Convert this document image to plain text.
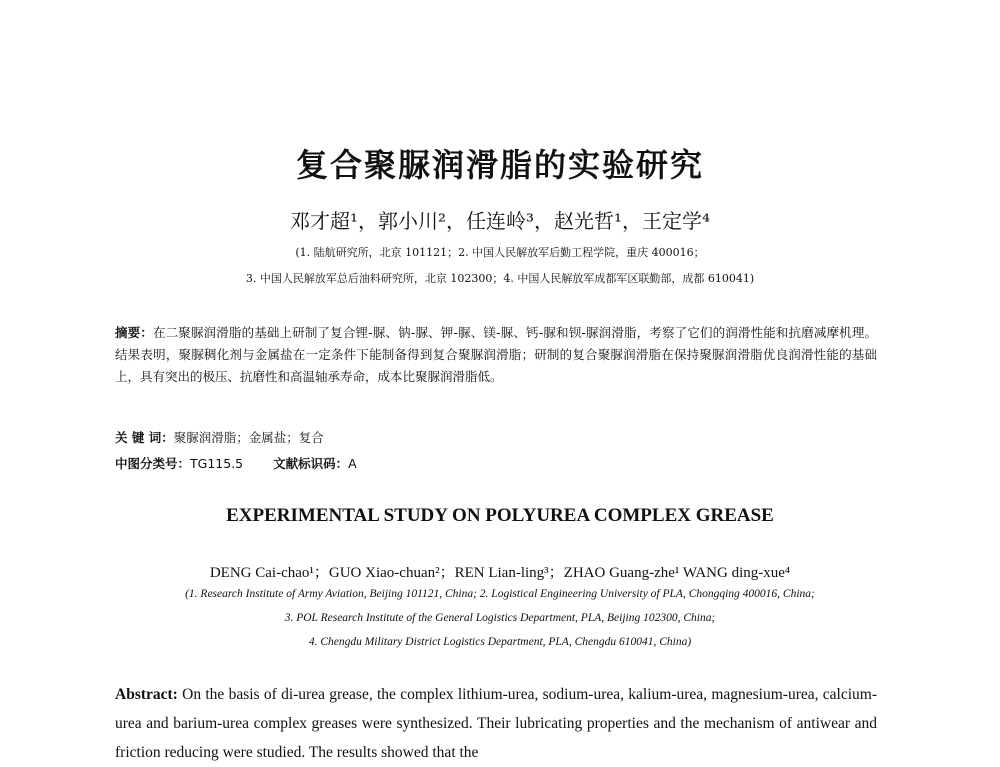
复合聚脲润滑脂的实验研究
邓才超¹，郭小川²，任连岭³，赵光哲¹，王定学⁴
(1. 陆航研究所，北京 101121；2. 中国人民解放军后勤工程学院，重庆 400016；
3. 中国人民解放军总后油料研究所，北京 102300；4. 中国人民解放军成都军区联勤部，成都 610041)
摘要：在二聚脲润滑脂的基础上研制了复合锂-脲、钠-脲、钾-脲、镁-脲、钙-脲和钡-脲润滑脂，考察了它们的润滑性能和抗磨减摩机理。结果表明，聚脲稠化剂与金属盐在一定条件下能制备得到复合聚脲润滑脂；研制的复合聚脲润滑脂在保持聚脲润滑脂优良润滑性能的基础上，具有突出的极压、抗磨性和高温轴承寿命，成本比聚脲润滑脂低。
关 键 词：聚脲润滑脂；金属盐；复合
中图分类号：TG115.5 文献标识码：A
EXPERIMENTAL STUDY ON POLYUREA COMPLEX GREASE
DENG Cai-chao¹；GUO Xiao-chuan²；REN Lian-ling³；ZHAO Guang-zhe¹ WANG ding-xue⁴
(1. Research Institute of Army Aviation, Beijing 101121, China; 2. Logistical Engineering University of PLA, Chongqing 400016, China;
3. POL Research Institute of the General Logistics Department, PLA, Beijing 102300, China;
4. Chengdu Military District Logistics Department, PLA, Chengdu 610041, China)
Abstract: On the basis of di-urea grease, the complex lithium-urea, sodium-urea, kalium-urea, magnesium-urea, calcium-urea and barium-urea complex greases were synthesized. Their lubricating properties and the mechanism of antiwear and friction reducing were studied. The results showed that the
